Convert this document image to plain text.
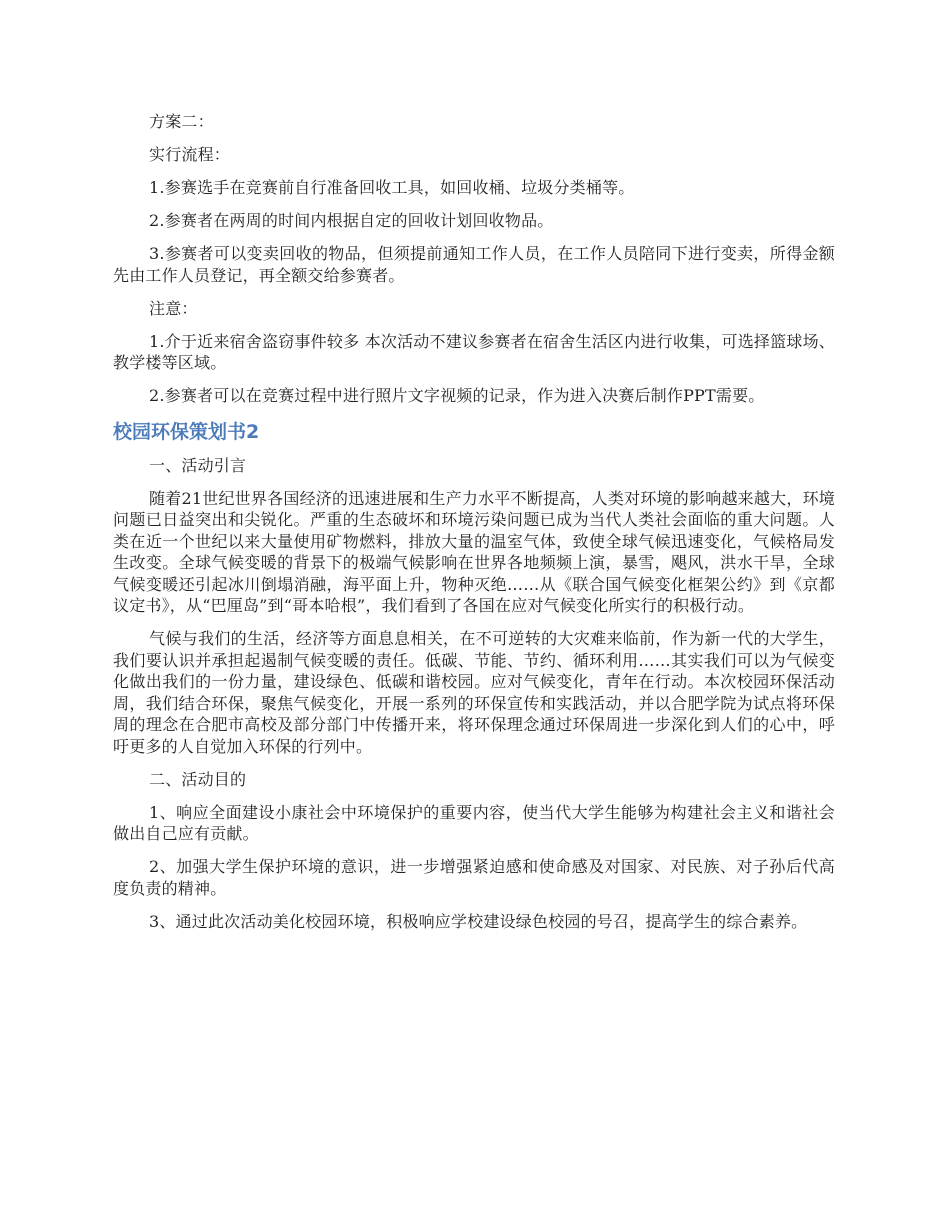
方案二：

实行流程：

1.参赛选手在竞赛前自行准备回收工具，如回收桶、垃圾分类桶等。

2.参赛者在两周的时间内根据自定的回收计划回收物品。

3.参赛者可以变卖回收的物品，但须提前通知工作人员，在工作人员陪同下进行变卖，所得金额先由工作人员登记，再全额交给参赛者。

注意：

1.介于近来宿舍盗窃事件较多 本次活动不建议参赛者在宿舍生活区内进行收集，可选择篮球场、教学楼等区域。

2.参赛者可以在竞赛过程中进行照片文字视频的记录，作为进入决赛后制作PPT需要。

校园环保策划书2

一、活动引言

随着21世纪世界各国经济的迅速进展和生产力水平不断提高，人类对环境的影响越来越大，环境问题已日益突出和尖锐化。严重的生态破坏和环境污染问题已成为当代人类社会面临的重大问题。人类在近一个世纪以来大量使用矿物燃料，排放大量的温室气体，致使全球气候迅速变化，气候格局发生改变。全球气候变暖的背景下的极端气候影响在世界各地频频上演，暴雪，飓风，洪水干旱，全球气候变暖还引起冰川倒塌消融，海平面上升，物种灭绝……从《联合国气候变化框架公约》到《京都议定书》，从“巴厘岛”到“哥本哈根”，我们看到了各国在应对气候变化所实行的积极行动。

气候与我们的生活，经济等方面息息相关，在不可逆转的大灾难来临前，作为新一代的大学生，我们要认识并承担起遏制气候变暖的责任。低碳、节能、节约、循环利用……其实我们可以为气候变化做出我们的一份力量，建设绿色、低碳和谐校园。应对气候变化，青年在行动。本次校园环保活动周，我们结合环保，聚焦气候变化，开展一系列的环保宣传和实践活动，并以合肥学院为试点将环保周的理念在合肥市高校及部分部门中传播开来，将环保理念通过环保周进一步深化到人们的心中，呼吁更多的人自觉加入环保的行列中。

二、活动目的

1、响应全面建设小康社会中环境保护的重要内容，使当代大学生能够为构建社会主义和谐社会做出自己应有贡献。

2、加强大学生保护环境的意识，进一步增强紧迫感和使命感及对国家、对民族、对子孙后代高度负责的精神。

3、通过此次活动美化校园环境，积极响应学校建设绿色校园的号召，提高学生的综合素养。
